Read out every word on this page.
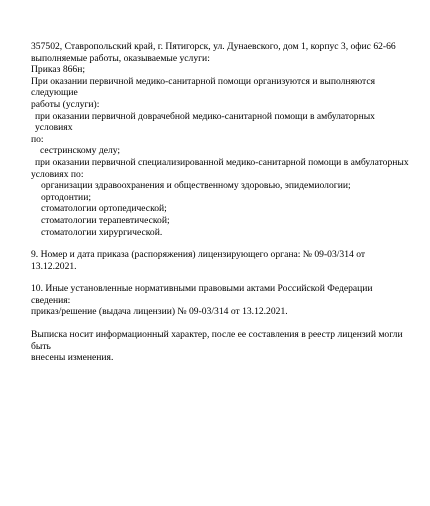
357502, Ставропольский край, г. Пятигорск, ул. Дунаевского, дом 1, корпус 3, офис 62-66

выполняемые работы, оказываемые услуги:

Приказ 866н;

При оказании первичной медико-санитарной помощи организуются и выполняются следующие

работы (услуги):

при оказании первичной доврачебной медико-санитарной помощи в амбулаторных условиях

по:

сестринскому делу;

при оказании первичной специализированной медико-санитарной помощи в амбулаторных

условиях по:

организации здравоохранения и общественному здоровью, эпидемиологии;

ортодонтии;

стоматологии ортопедической;

стоматологии терапевтической;

стоматологии хирургической.

9. Номер и дата приказа (распоряжения) лицензирующего органа: № 09-03/314 от 13.12.2021.

10. Иные установленные нормативными правовыми актами Российской Федерации сведения:

приказ/решение (выдача лицензии) № 09-03/314 от 13.12.2021.

Выписка носит информационный характер, после ее составления в реестр лицензий могли быть

внесены изменения.
